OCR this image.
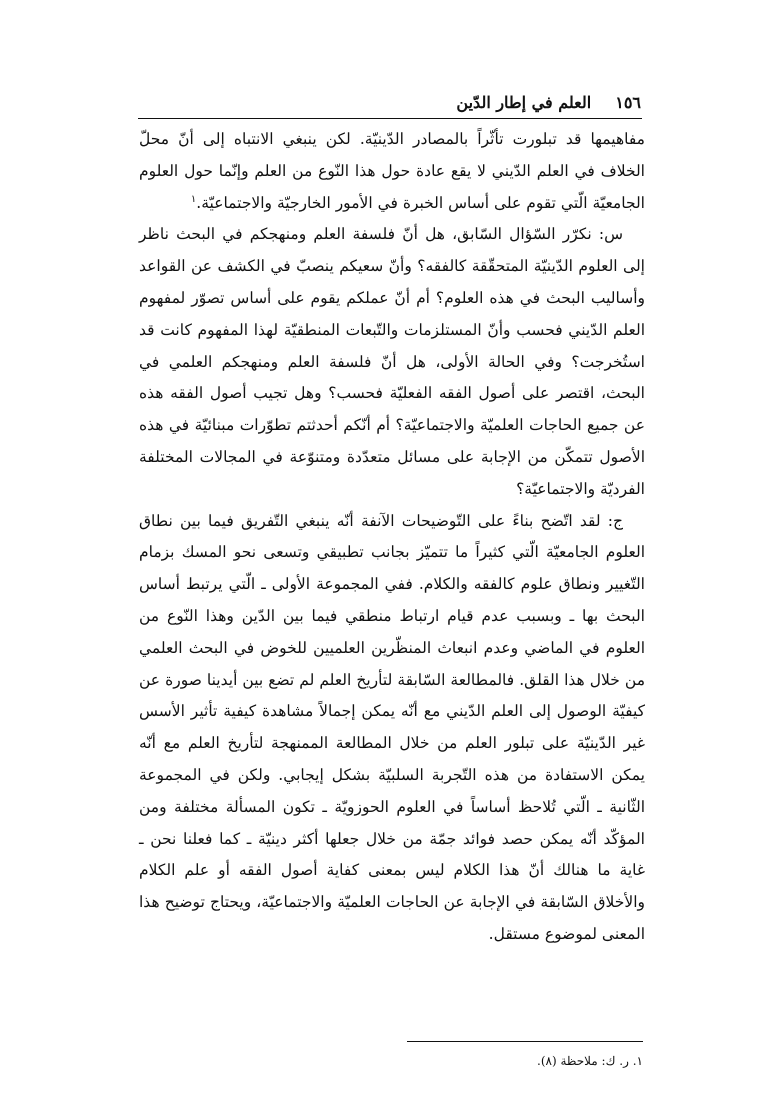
١٥٦
العلم في إطار الدّين

مفاهيمها قد تبلورت تأثّراً بالمصادر الدّينيّة. لكن ينبغي الانتباه إلى أنّ محلّ الخلاف في العلم الدّيني لا يقع عادة حول هذا النّوع من العلم وإنّما حول العلوم الجامعيّة الّتي تقوم على أساس الخبرة في الأمور الخارجيّة والاجتماعيّة.$^١$

س: نكرّر السّؤال السّابق، هل أنّ فلسفة العلم ومنهجكم في البحث ناظر إلى العلوم الدّينيّة المتحقّقة كالفقه؟ وأنّ سعيكم ينصبّ في الكشف عن القواعد وأساليب البحث في هذه العلوم؟ أم أنّ عملكم يقوم على أساس تصوّر لمفهوم العلم الدّيني فحسب وأنّ المستلزمات والتّبعات المنطقيّة لهذا المفهوم كانت قد استُخرجت؟ وفي الحالة الأولى، هل أنّ فلسفة العلم ومنهجكم العلمي في البحث، اقتصر على أصول الفقه الفعليّة فحسب؟ وهل تجيب أصول الفقه هذه عن جميع الحاجات العلميّة والاجتماعيّة؟ أم أنّكم أحدثتم تطوّرات مبنائيّة في هذه الأصول تتمكّن من الإجابة على مسائل متعدّدة ومتنوّعة في المجالات المختلفة الفرديّة والاجتماعيّة؟

ج: لقد اتّضح بناءً على التّوضيحات الآنفة أنّه ينبغي التّفريق فيما بين نطاق العلوم الجامعيّة الّتي كثيراً ما تتميّز بجانب تطبيقي وتسعى نحو المسك بزمام التّغيير ونطاق علوم كالفقه والكلام. ففي المجموعة الأولى ـ الّتي يرتبط أساس البحث بها ـ وبسبب عدم قيام ارتباط منطقي فيما بين الدّين وهذا النّوع من العلوم في الماضي وعدم انبعاث المنظّرين العلميين للخوض في البحث العلمي من خلال هذا القلق. فالمطالعة السّابقة لتأريخ العلم لم تضع بين أيدينا صورة عن كيفيّة الوصول إلى العلم الدّيني مع أنّه يمكن إجمالاً مشاهدة كيفية تأثير الأسس غير الدّينيّة على تبلور العلم من خلال المطالعة الممنهجة لتأريخ العلم مع أنّه يمكن الاستفادة من هذه التّجربة السلبيّة بشكل إيجابي. ولكن في المجموعة الثّانية ـ الّتي تُلاحظ أساساً في العلوم الحوزويّة ـ تكون المسألة مختلفة ومن المؤكّد أنّه يمكن حصد فوائد جمّة من خلال جعلها أكثر دينيّة ـ كما فعلنا نحن ـ غاية ما هنالك أنّ هذا الكلام ليس بمعنى كفاية أصول الفقه أو علم الكلام والأخلاق السّابقة في الإجابة عن الحاجات العلميّة والاجتماعيّة، ويحتاج توضيح هذا المعنى لموضوع مستقل.

١. ر. ك: ملاحظة (٨).
